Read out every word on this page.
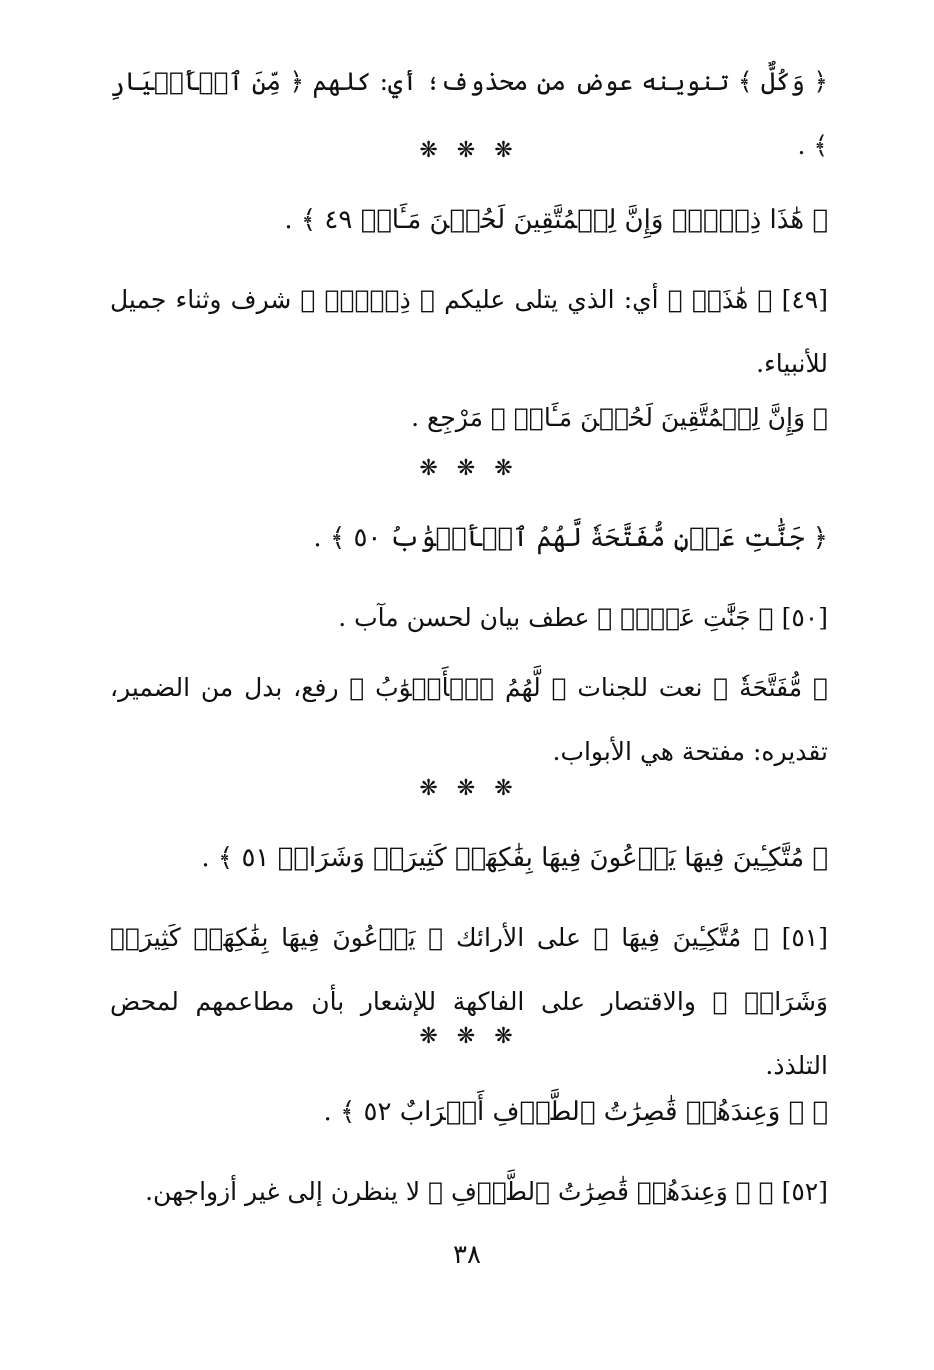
﴿ وَكُلٌّ ﴾ تنوينه عوض من محذوف؛ أي: كلهم ﴿ مِّنَ ٱلۡأَخۡيَارِ ﴾ .
❋ ❋ ❋
﴿ هَٰذَا ذِكۡرٌۚ وَإِنَّ لِلۡمُتَّقِينَ لَحُسۡنَ مَـَٔابٖ ٤٩ ﴾ .
[٤٩] ﴿ هَٰذَاۚ ﴾ أي: الذي يتلى عليكم ﴿ ذِكۡرٌۚ ﴾ شرف وثناء جميل للأنبياء.
﴿ وَإِنَّ لِلۡمُتَّقِينَ لَحُسۡنَ مَـَٔابٖ ﴾ مَرْجِع .
❋ ❋ ❋
﴿ جَنَّٰتِ عَدۡنٖ مُّفَتَّحَةٗ لَّهُمُ ٱلۡأَبۡوَٰبُ ٥٠ ﴾ .
[٥٠] ﴿ جَنَّٰتِ عَدۡنٖ ﴾ عطف بيان لحسن مآب .
﴿ مُّفَتَّحَةٗ ﴾ نعت للجنات ﴿ لَّهُمُ ٱلۡأَبۡوَٰبُ ﴾ رفع، بدل من الضمير، تقديره: مفتحة هي الأبواب.
❋ ❋ ❋
﴿ مُتَّكِـِٔينَ فِيهَا يَدۡعُونَ فِيهَا بِفَٰكِهَةٖ كَثِيرَةٖ وَشَرَابٖ ٥١ ﴾ .
[٥١] ﴿ مُتَّكِـِٔينَ فِيهَا ﴾ على الأرائك ﴿ يَدۡعُونَ فِيهَا بِفَٰكِهَةٖ كَثِيرَةٖ وَشَرَابٖ ﴾ والاقتصار على الفاكهة للإشعار بأن مطاعمهم لمحض التلذذ.
❋ ❋ ❋
﴿ ۞ وَعِندَهُمۡ قَٰصِرَٰتُ ٱلطَّرۡفِ أَتۡرَابٌ ٥٢ ﴾ .
[٥٢] ﴿ ۞ وَعِندَهُمۡ قَٰصِرَٰتُ ٱلطَّرۡفِ ﴾ لا ينظرن إلى غير أزواجهن.
٣٨
